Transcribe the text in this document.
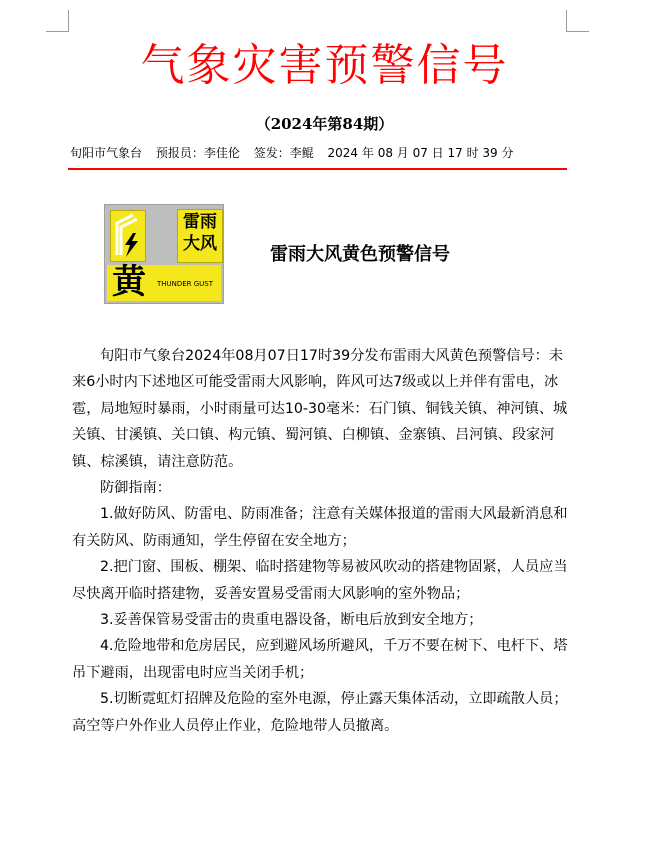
气象灾害预警信号
（2024年第84期）
旬阳市气象台 预报员：李佳伦 签发：李鲲 2024 年 08 月 07 日 17 时 39 分
雷雨大风
黄	THUNDER GUST
雷雨大风黄色预警信号

旬阳市气象台2024年08月07日17时39分发布雷雨大风黄色预警信号：未来6小时内下述地区可能受雷雨大风影响，阵风可达7级或以上并伴有雷电，冰雹，局地短时暴雨，小时雨量可达10-30毫米：石门镇、铜钱关镇、神河镇、城关镇、甘溪镇、关口镇、构元镇、蜀河镇、白柳镇、金寨镇、吕河镇、段家河镇、棕溪镇，请注意防范。

防御指南：

1.做好防风、防雷电、防雨准备；注意有关媒体报道的雷雨大风最新消息和有关防风、防雨通知，学生停留在安全地方；

2.把门窗、围板、棚架、临时搭建物等易被风吹动的搭建物固紧，人员应当尽快离开临时搭建物，妥善安置易受雷雨大风影响的室外物品；

3.妥善保管易受雷击的贵重电器设备，断电后放到安全地方；

4.危险地带和危房居民，应到避风场所避风，千万不要在树下、电杆下、塔吊下避雨，出现雷电时应当关闭手机；

5.切断霓虹灯招牌及危险的室外电源，停止露天集体活动，立即疏散人员；高空等户外作业人员停止作业，危险地带人员撤离。
